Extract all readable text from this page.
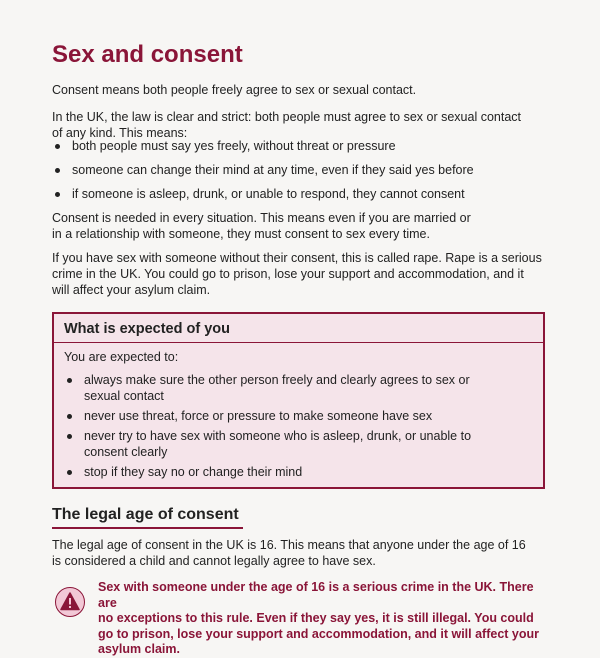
Sex and consent

Consent means both people freely agree to sex or sexual contact.

In the UK, the law is clear and strict: both people must agree to sex or sexual contact
of any kind. This means:

both people must say yes freely, without threat or pressure
someone can change their mind at any time, even if they said yes before
if someone is asleep, drunk, or unable to respond, they cannot consent

Consent is needed in every situation. This means even if you are married or
in a relationship with someone, they must consent to sex every time.

If you have sex with someone without their consent, this is called rape. Rape is a serious
crime in the UK. You could go to prison, lose your support and accommodation, and it
will affect your asylum claim.

What is expected of you
You are expected to:
always make sure the other person freely and clearly agrees to sex or
sexual contact
never use threat, force or pressure to make someone have sex
never try to have sex with someone who is asleep, drunk, or unable to
consent clearly
stop if they say no or change their mind
The legal age of consent

The legal age of consent in the UK is 16. This means that anyone under the age of 16
is considered a child and cannot legally agree to have sex.

Sex with someone under the age of 16 is a serious crime in the UK. There are
no exceptions to this rule. Even if they say yes, it is still illegal. You could
go to prison, lose your support and accommodation, and it will affect your
asylum claim.
